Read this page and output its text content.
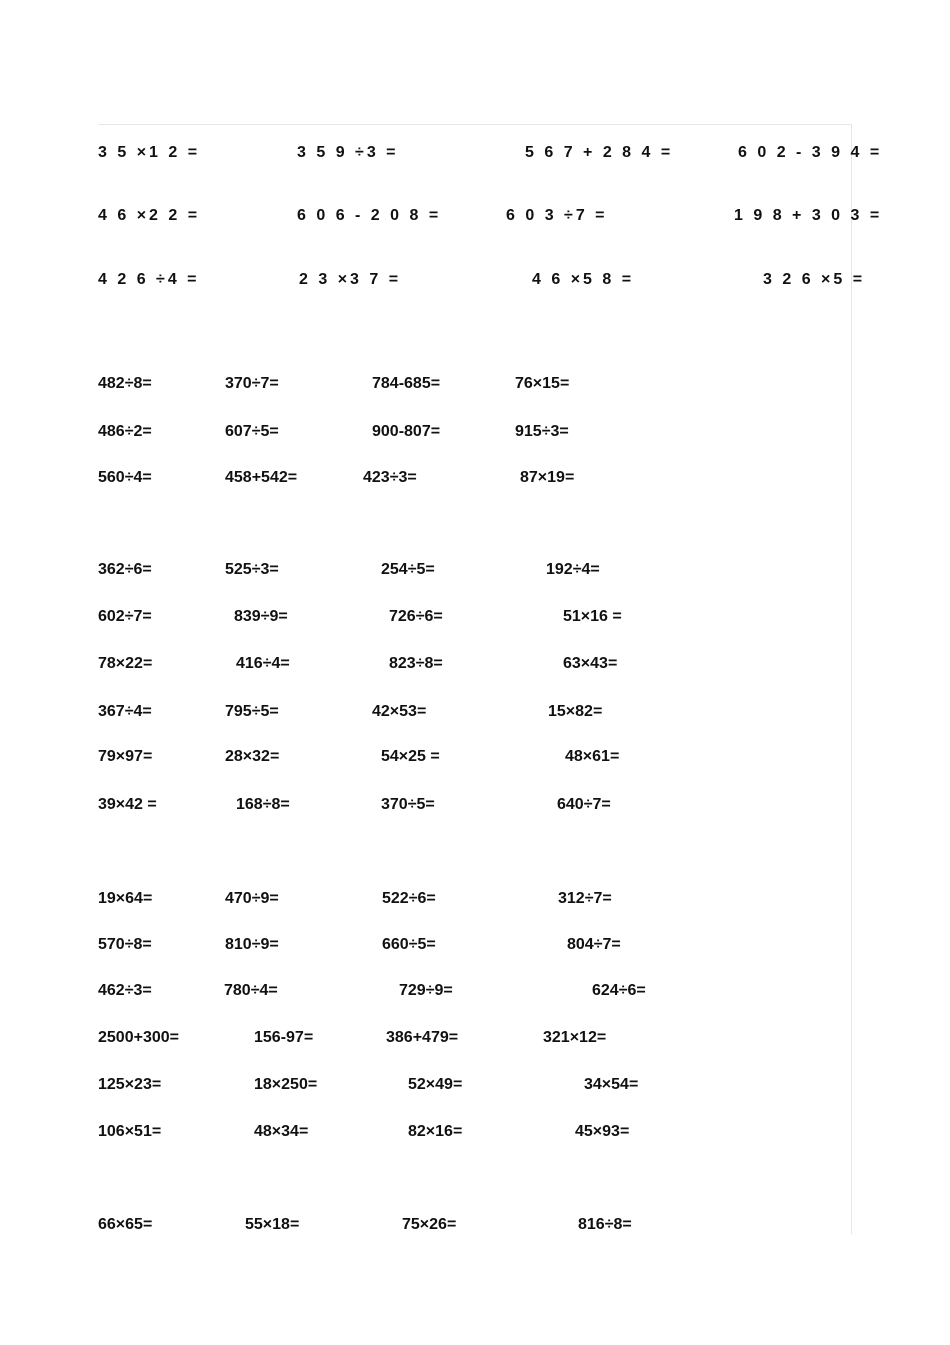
3 5 ×1 2 =	3 5 9 ÷3 =	5 6 7 + 2 8 4 =	6 0 2 - 3 9 4 =
4 6 ×2 2 =	6 0 6 - 2 0 8 =	6 0 3 ÷7 =	1 9 8 + 3 0 3 =
4 2 6 ÷4 =	2 3 ×3 7 =	4 6 ×5 8 =	3 2 6 ×5 =
482÷8=	370÷7=	784-685=	76×15=
486÷2=	607÷5=	900-807=	915÷3=
560÷4=	458+542=	423÷3=	87×19=
362÷6=	525÷3=	254÷5=	192÷4=
602÷7=	839÷9=	726÷6=	51×16 =
78×22=	416÷4=	823÷8=	63×43=
367÷4=	795÷5=	42×53=	15×82=
79×97=	28×32=	54×25 =	48×61=
39×42 =	168÷8=	370÷5=	640÷7=
19×64=	470÷9=	522÷6=	312÷7=
570÷8=	810÷9=	660÷5=	804÷7=
462÷3=	780÷4=	729÷9=	624÷6=
2500+300=	156-97=	386+479=	321×12=
125×23=	18×250=	52×49=	34×54=
106×51=	48×34=	82×16=	45×93=
66×65=	55×18=	75×26=	816÷8=
